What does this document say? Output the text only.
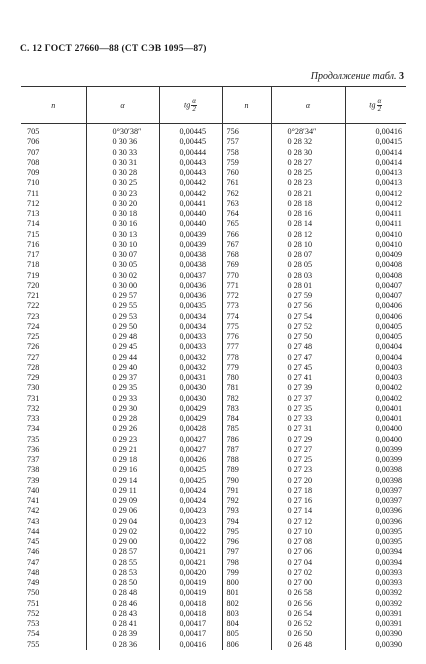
С. 12 ГОСТ 27660—88 (СТ СЭВ 1095—87)
Продолжение табл. 3
n	α	tg $\frac{\alpha}{2}$	n	α	tg $\frac{\alpha}{2}$

705	0°30′38″	0,00445	756	0°28′34″	0,00416
706	0 30 36	0,00445	757	0 28 32	0,00415
707	0 30 33	0,00444	758	0 28 30	0,00414
708	0 30 31	0,00443	759	0 28 27	0,00414
709	0 30 28	0,00443	760	0 28 25	0,00413
710	0 30 25	0,00442	761	0 28 23	0,00413
711	0 30 23	0,00442	762	0 28 21	0,00412
712	0 30 20	0,00441	763	0 28 18	0,00412
713	0 30 18	0,00440	764	0 28 16	0,00411
714	0 30 16	0,00440	765	0 28 14	0,00411
715	0 30 13	0,00439	766	0 28 12	0,00410
716	0 30 10	0,00439	767	0 28 10	0,00410
717	0 30 07	0,00438	768	0 28 07	0,00409
718	0 30 05	0,00438	769	0 28 05	0,00408
719	0 30 02	0,00437	770	0 28 03	0,00408
720	0 30 00	0,00436	771	0 28 01	0,00407
721	0 29 57	0,00436	772	0 27 59	0,00407
722	0 29 55	0,00435	773	0 27 56	0,00406
723	0 29 53	0,00434	774	0 27 54	0,00406
724	0 29 50	0,00434	775	0 27 52	0,00405
725	0 29 48	0,00433	776	0 27 50	0,00405
726	0 29 45	0,00433	777	0 27 48	0,00404
727	0 29 44	0,00432	778	0 27 47	0,00404
728	0 29 40	0,00432	779	0 27 45	0,00403
729	0 29 37	0,00431	780	0 27 41	0,00403
730	0 29 35	0,00430	781	0 27 39	0,00402
731	0 29 33	0,00430	782	0 27 37	0,00402
732	0 29 30	0,00429	783	0 27 35	0,00401
733	0 29 28	0,00429	784	0 27 33	0,00401
734	0 29 26	0,00428	785	0 27 31	0,00400
735	0 29 23	0,00427	786	0 27 29	0,00400
736	0 29 21	0,00427	787	0 27 27	0,00399
737	0 29 18	0,00426	788	0 27 25	0,00399
738	0 29 16	0,00425	789	0 27 23	0,00398
739	0 29 14	0,00425	790	0 27 20	0,00398
740	0 29 11	0,00424	791	0 27 18	0,00397
741	0 29 09	0,00424	792	0 27 16	0,00397
742	0 29 06	0,00423	793	0 27 14	0,00396
743	0 29 04	0,00423	794	0 27 12	0,00396
744	0 29 02	0,00422	795	0 27 10	0,00395
745	0 29 00	0,00422	796	0 27 08	0,00395
746	0 28 57	0,00421	797	0 27 06	0,00394
747	0 28 55	0,00421	798	0 27 04	0,00394
748	0 28 53	0,00420	799	0 27 02	0,00393
749	0 28 50	0,00419	800	0 27 00	0,00393
750	0 28 48	0,00419	801	0 26 58	0,00392
751	0 28 46	0,00418	802	0 26 56	0,00392
752	0 28 43	0,00418	803	0 26 54	0,00391
753	0 28 41	0,00417	804	0 26 52	0,00391
754	0 28 39	0,00417	805	0 26 50	0,00390
755	0 28 36	0,00416	806	0 26 48	0,00390
